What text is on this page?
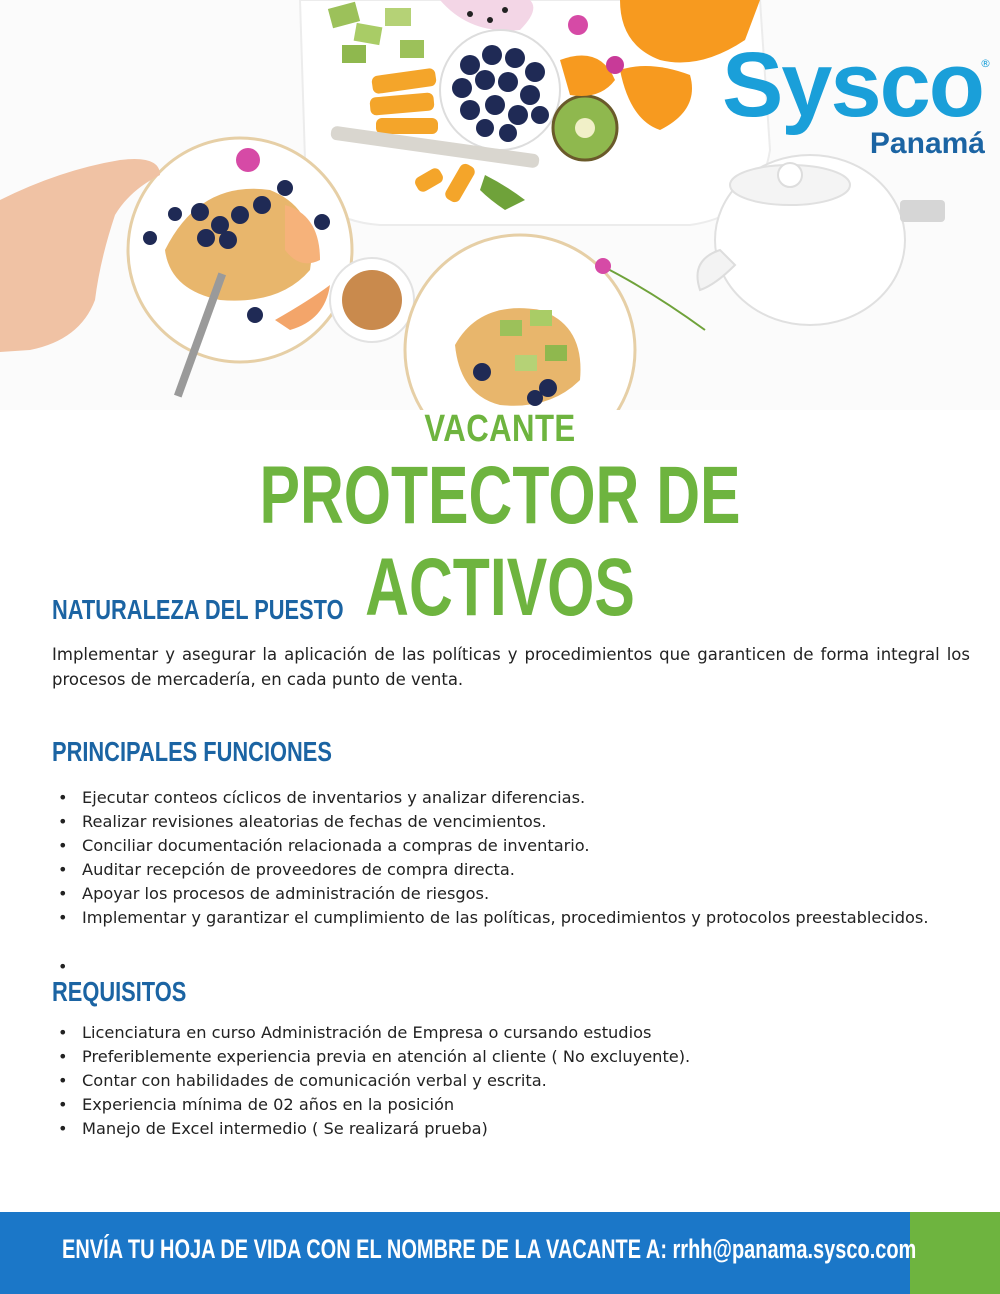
Sysco
®
Panamá
VACANTE
PROTECTOR DE ACTIVOS
NATURALEZA DEL PUESTO
Implementar y asegurar la aplicación de las políticas y procedimientos que garanticen de forma integral los procesos de mercadería, en cada punto de venta.
PRINCIPALES FUNCIONES
• Ejecutar conteos cíclicos de inventarios y analizar diferencias.
• Realizar revisiones aleatorias de fechas de vencimientos.
• Conciliar documentación relacionada a compras de inventario.
• Auditar recepción de proveedores de compra directa.
• Apoyar los procesos de administración de riesgos.
• Implementar y garantizar el cumplimiento de las políticas, procedimientos y protocolos preestablecidos.
•
REQUISITOS
• Licenciatura en curso Administración de Empresa o cursando estudios
• Preferiblemente experiencia previa en atención al cliente ( No excluyente).
• Contar con habilidades de comunicación verbal y escrita.
• Experiencia mínima de 02 años en la posición
• Manejo de Excel intermedio ( Se realizará prueba)
ENVÍA TU HOJA DE VIDA CON EL NOMBRE DE LA VACANTE A: rrhh@panama.sysco.com
